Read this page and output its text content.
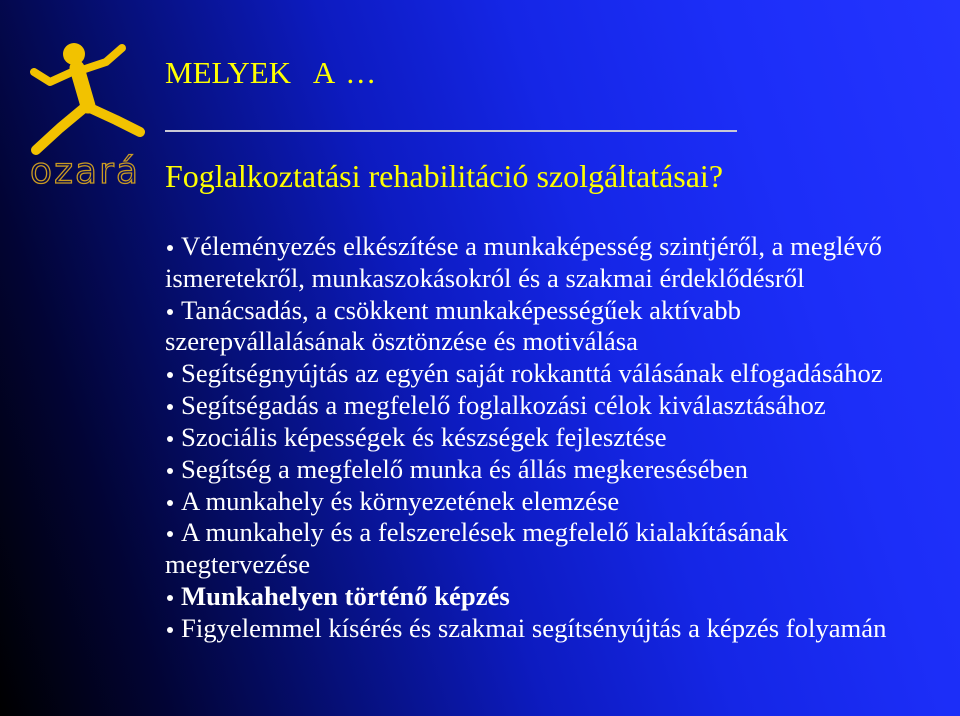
ozará
MELYEK  A …
Foglalkoztatási rehabilitáció szolgáltatásai?
Véleményezés elkészítése a munkaképesség szintjéről, a meglévő ismeretekről, munkaszokásokról és a szakmai érdeklődésről
Tanácsadás, a csökkent munkaképességűek aktívabb szerepvállalásának ösztönzése és motiválása
Segítségnyújtás az egyén saját rokkanttá válásának elfogadásához
Segítségadás a megfelelő foglalkozási célok kiválasztásához
Szociális képességek és készségek fejlesztése
Segítség a megfelelő munka és állás megkeresésében
A munkahely és környezetének elemzése
A munkahely és a felszerelések megfelelő kialakításának megtervezése
Munkahelyen történő képzés
Figyelemmel kísérés és szakmai segítsényújtás a képzés folyamán
